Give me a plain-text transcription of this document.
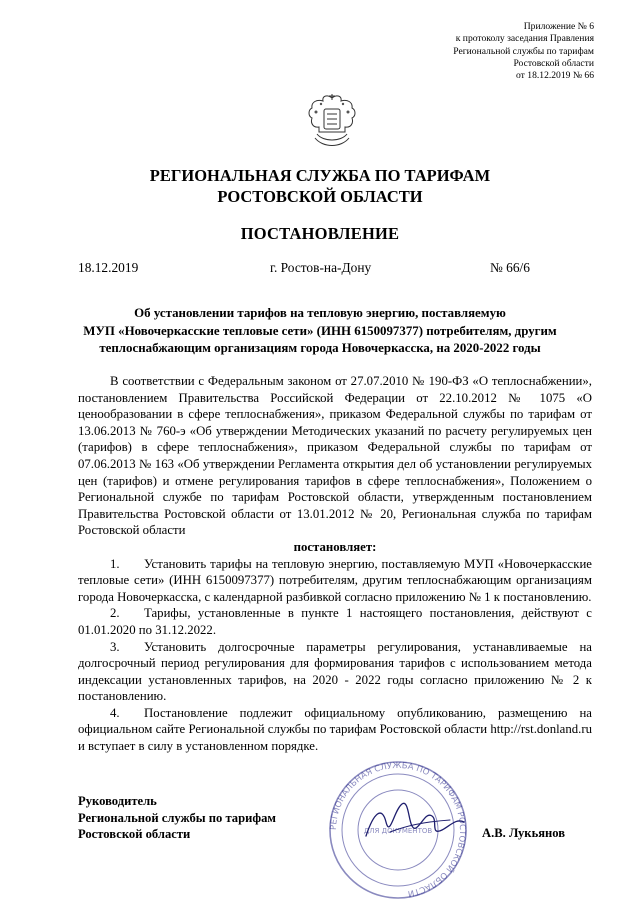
Приложение № 6
к протоколу заседания Правления
Региональной службы по тарифам
Ростовской области
от 18.12.2019 № 66
РЕГИОНАЛЬНАЯ СЛУЖБА ПО ТАРИФАМ
РОСТОВСКОЙ ОБЛАСТИ
ПОСТАНОВЛЕНИЕ
18.12.2019	г. Ростов-на-Дону	№ 66/6
Об установлении тарифов на тепловую энергию, поставляемую
МУП «Новочеркасские тепловые сети» (ИНН 6150097377) потребителям, другим
теплоснабжающим организациям города Новочеркасска, на 2020-2022 годы

В соответствии с Федеральным законом от 27.07.2010 № 190-ФЗ «О теплоснабжении», постановлением Правительства Российской Федерации от 22.10.2012 № 1075 «О ценообразовании в сфере теплоснабжения», приказом Федеральной службы по тарифам от 13.06.2013 № 760-э «Об утверждении Методических указаний по расчету регулируемых цен (тарифов) в сфере теплоснабжения», приказом Федеральной службы по тарифам от 07.06.2013 № 163 «Об утверждении Регламента открытия дел об установлении регулируемых цен (тарифов) и отмене регулирования тарифов в сфере теплоснабжения», Положением о Региональной службе по тарифам Ростовской области, утвержденным постановлением Правительства Ростовской области от 13.01.2012 № 20, Региональная служба по тарифам Ростовской области

постановляет:

1. Установить тарифы на тепловую энергию, поставляемую МУП «Новочеркасские тепловые сети» (ИНН 6150097377) потребителям, другим теплоснабжающим организациям города Новочеркасска, с календарной разбивкой согласно приложению № 1 к постановлению.

2. Тарифы, установленные в пункте 1 настоящего постановления, действуют с 01.01.2020 по 31.12.2022.

3. Установить долгосрочные параметры регулирования, устанавливаемые на долгосрочный период регулирования для формирования тарифов с использованием метода индексации установленных тарифов, на 2020 - 2022 годы согласно приложению № 2 к постановлению.

4. Постановление подлежит официальному опубликованию, размещению на официальном сайте Региональной службы по тарифам Ростовской области http://rst.donland.ru и вступает в силу в установленном порядке.

Руководитель
Региональной службы по тарифам
Ростовской области	РЕГИОНАЛЬНАЯ СЛУЖБА ПО ТАРИФАМ РОСТОВСКОЙ ОБЛАСТИ
ДЛЯ ДОКУМЕНТОВ	А.В. Лукьянов
